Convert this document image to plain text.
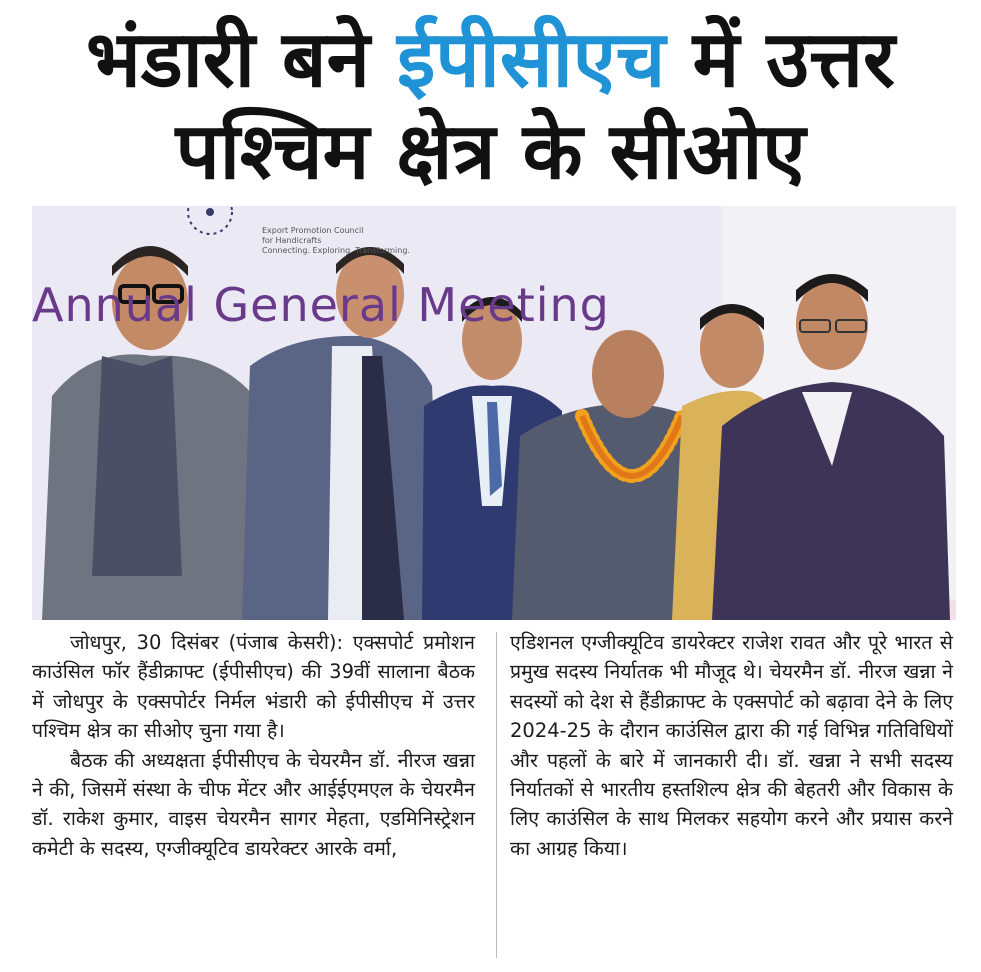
भंडारी बने ईपीसीएच में उत्तर
पश्चिम क्षेत्र के सीओए
Annual General Meeting
Export Promotion Council
for Handicrafts
Connecting. Exploring. Transforming.

जोधपुर, 30 दिसंबर (पंजाब केसरी): एक्सपोर्ट प्रमोशन काउंसिल फॉर हैंडीक्राफ्ट (ईपीसीएच) की 39वीं सालाना बैठक में जोधपुर के एक्सपोर्टर निर्मल भंडारी को ईपीसीएच में उत्तर पश्चिम क्षेत्र का सीओए चुना गया है।

बैठक की अध्यक्षता ईपीसीएच के चेयरमैन डॉ. नीरज खन्ना ने की, जिसमें संस्था के चीफ मेंटर और आईईएमएल के चेयरमैन डॉ. राकेश कुमार, वाइस चेयरमैन सागर मेहता, एडमिनिस्ट्रेशन कमेटी के सदस्य, एग्जीक्यूटिव डायरेक्टर आरके वर्मा,

एडिशनल एग्जीक्यूटिव डायरेक्टर राजेश रावत और पूरे भारत से प्रमुख सदस्य निर्यातक भी मौजूद थे। चेयरमैन डॉ. नीरज खन्ना ने सदस्यों को देश से हैंडीक्राफ्ट के एक्सपोर्ट को बढ़ावा देने के लिए 2024-25 के दौरान काउंसिल द्वारा की गई विभिन्न गतिविधियों और पहलों के बारे में जानकारी दी। डॉ. खन्ना ने सभी सदस्य निर्यातकों से भारतीय हस्तशिल्प क्षेत्र की बेहतरी और विकास के लिए काउंसिल के साथ मिलकर सहयोग करने और प्रयास करने का आग्रह किया।
